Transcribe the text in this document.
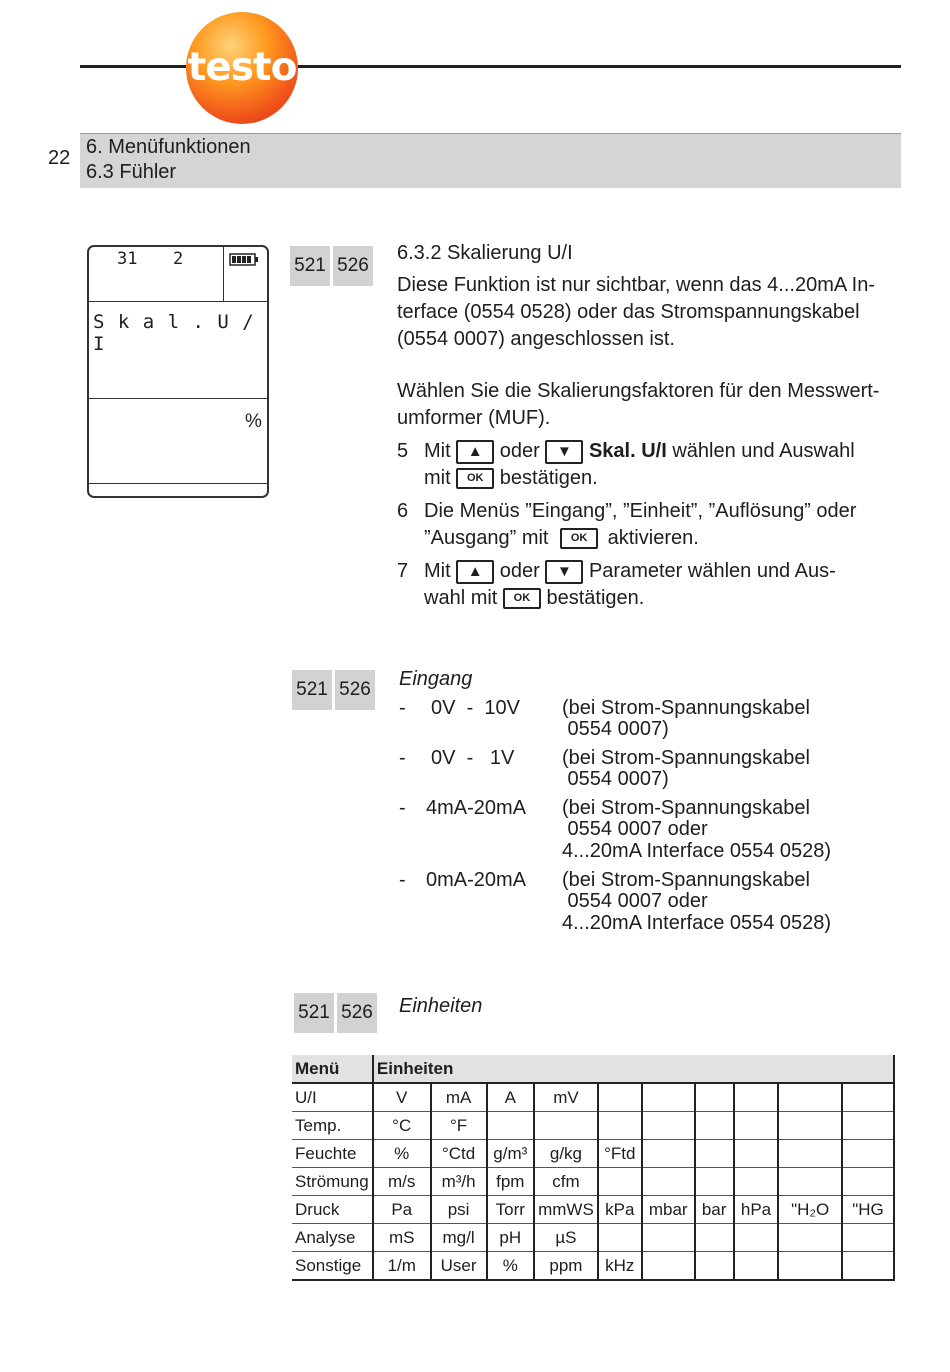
testo
22 6. Menüfunktionen
6.3 Fühler
31 2
S k a l . U / I
%
521 526
6.3.2 Skalierung U/I
Diese Funktion ist nur sichtbar, wenn das 4...20mA In-
terface (0554 0528) oder das Stromspannungskabel
(0554 0007) angeschlossen ist.
Wählen Sie die Skalierungsfaktoren für den Messwert-
umformer (MUF).
5 Mit	▲ oder	▼ Skal. U/I wählen und Auswahl
mit OK bestätigen.
6 Die Menüs ”Eingang”, ”Einheit”, ”Auflösung” oder
”Ausgang” mit OK aktivieren.
7 Mit	▲ oder	▼ Parameter wählen und Aus-
wahl mit OK bestätigen.
521 526 Eingang
- 0V  -  10V (bei Strom-Spannungskabel
0554 0007)
- 0V  -   1V (bei Strom-Spannungskabel
0554 0007)
- 4mA-20mA (bei Strom-Spannungskabel
0554 0007 oder
4...20mA Interface 0554 0528)
- 0mA-20mA (bei Strom-Spannungskabel
0554 0007 oder
4...20mA Interface 0554 0528)
521 526 Einheiten
Menü	Einheiten									
U/I	V	mA	A	mV						
Temp.	°C	°F								
Feuchte	%	°Ctd	g/m³	g/kg	°Ftd					
Strömung	m/s	m³/h	fpm	cfm						
Druck	Pa	psi	Torr	mmWS	kPa	mbar	bar	hPa	"H₂O	"HG
Analyse	mS	mg/l	pH	µS						
Sonstige	1/m	User	%	ppm	kHz					
